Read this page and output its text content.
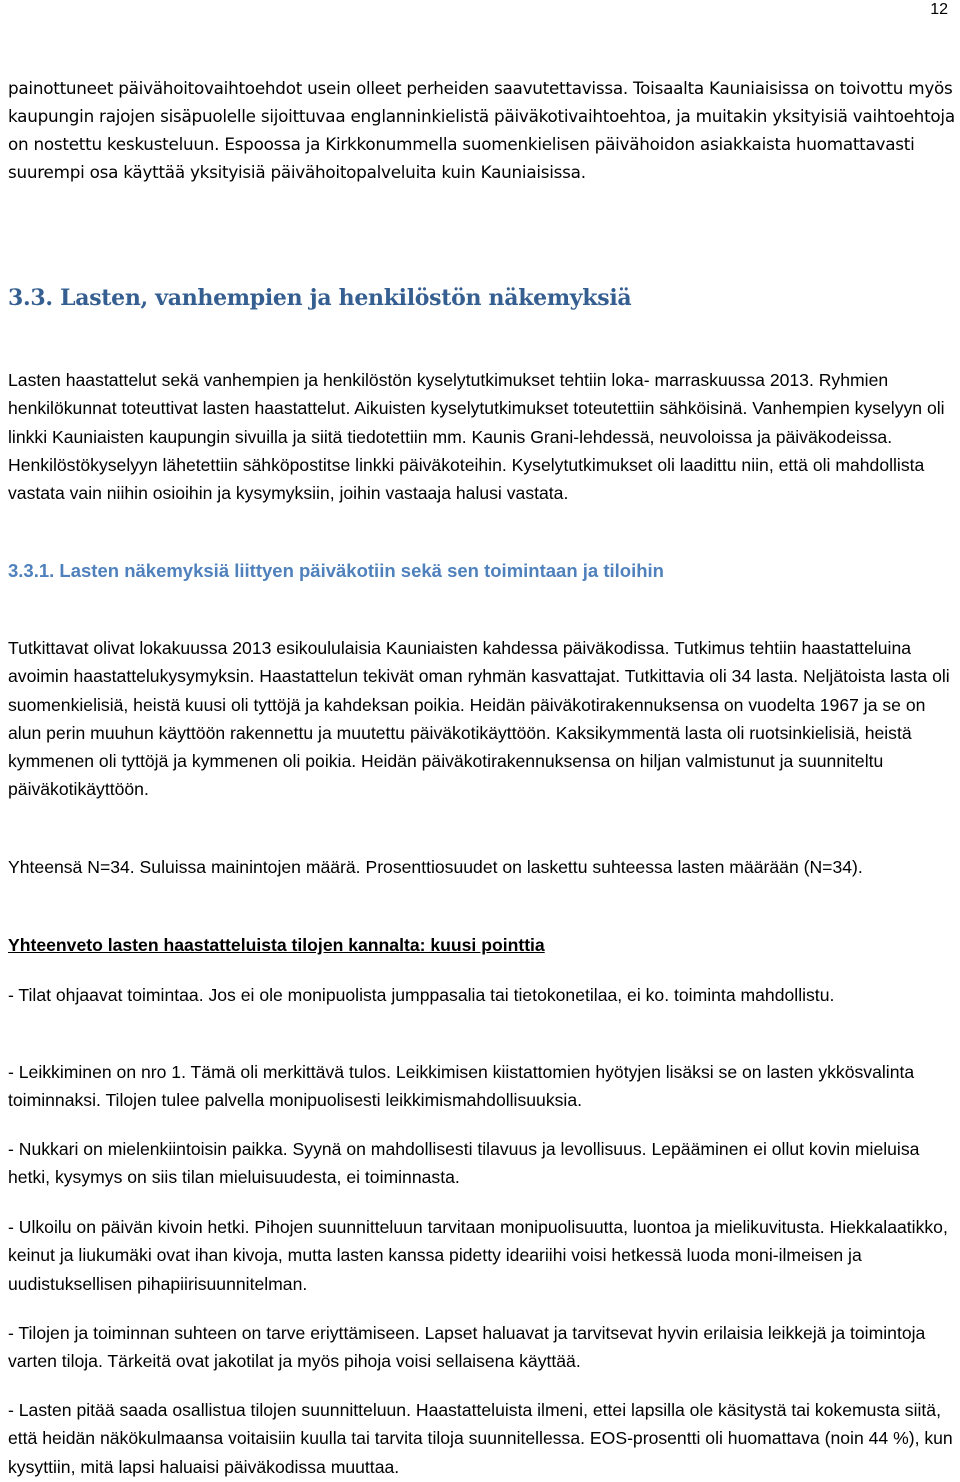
12

painottuneet päivähoitovaihtoehdot usein olleet perheiden saavutettavissa. Toisaalta Kauniaisissa on toivottu myös kaupungin rajojen sisäpuolelle sijoittuvaa englanninkielistä päiväkotivaihtoehtoa, ja muitakin yksityisiä vaihtoehtoja on nostettu keskusteluun. Espoossa ja Kirkkonummella suomenkielisen päivähoidon asiakkaista huomattavasti suurempi osa käyttää yksityisiä päivähoitopalveluita kuin Kauniaisissa.

3.3. Lasten, vanhempien ja henkilöstön näkemyksiä

Lasten haastattelut sekä vanhempien ja henkilöstön kyselytutkimukset tehtiin loka- marraskuussa 2013. Ryhmien henkilökunnat toteuttivat lasten haastattelut. Aikuisten kyselytutkimukset toteutettiin sähköisinä. Vanhempien kyselyyn oli linkki Kauniaisten kaupungin sivuilla ja siitä tiedotettiin mm. Kaunis Grani-lehdessä, neuvoloissa ja päiväkodeissa. Henkilöstökyselyyn lähetettiin sähköpostitse linkki päiväkoteihin. Kyselytutkimukset oli laadittu niin, että oli mahdollista vastata vain niihin osioihin ja kysymyksiin, joihin vastaaja halusi vastata.

3.3.1. Lasten näkemyksiä liittyen päiväkotiin sekä sen toimintaan ja tiloihin

Tutkittavat olivat lokakuussa 2013 esikoululaisia Kauniaisten kahdessa päiväkodissa. Tutkimus tehtiin haastatteluina avoimin haastattelukysymyksin. Haastattelun tekivät oman ryhmän kasvattajat. Tutkittavia oli 34 lasta. Neljätoista lasta oli suomenkielisiä, heistä kuusi oli tyttöjä ja kahdeksan poikia. Heidän päiväkotirakennuksensa on vuodelta 1967 ja se on alun perin muuhun käyttöön rakennettu ja muutettu päiväkotikäyttöön. Kaksikymmentä lasta oli ruotsinkielisiä, heistä kymmenen oli tyttöjä ja kymmenen oli poikia. Heidän päiväkotirakennuksensa on hiljan valmistunut ja suunniteltu päiväkotikäyttöön.

Yhteensä N=34. Suluissa mainintojen määrä. Prosenttiosuudet on laskettu suhteessa lasten määrään (N=34).

Yhteenveto lasten haastatteluista tilojen kannalta: kuusi pointtia

- Tilat ohjaavat toimintaa. Jos ei ole monipuolista jumppasalia tai tietokonetilaa, ei ko. toiminta mahdollistu.

- Leikkiminen on nro 1. Tämä oli merkittävä tulos. Leikkimisen kiistattomien hyötyjen lisäksi se on lasten ykkösvalinta toiminnaksi. Tilojen tulee palvella monipuolisesti leikkimismahdollisuuksia.

- Nukkari on mielenkiintoisin paikka. Syynä on mahdollisesti tilavuus ja levollisuus. Lepääminen ei ollut kovin mieluisa hetki, kysymys on siis tilan mieluisuudesta, ei toiminnasta.

- Ulkoilu on päivän kivoin hetki. Pihojen suunnitteluun tarvitaan monipuolisuutta, luontoa ja mielikuvitusta. Hiekkalaatikko, keinut ja liukumäki ovat ihan kivoja, mutta lasten kanssa pidetty ideariihi voisi hetkessä luoda moni-ilmeisen ja uudistuksellisen pihapiirisuunnitelman.

- Tilojen ja toiminnan suhteen on tarve eriyttämiseen. Lapset haluavat ja tarvitsevat hyvin erilaisia leikkejä ja toimintoja varten tiloja. Tärkeitä ovat jakotilat ja myös pihoja voisi sellaisena käyttää.

- Lasten pitää saada osallistua tilojen suunnitteluun. Haastatteluista ilmeni, ettei lapsilla ole käsitystä tai kokemusta siitä, että heidän näkökulmaansa voitaisiin kuulla tai tarvita tiloja suunnitellessa. EOS-prosentti oli huomattava (noin 44 %), kun kysyttiin, mitä lapsi haluaisi päiväkodissa muuttaa.
